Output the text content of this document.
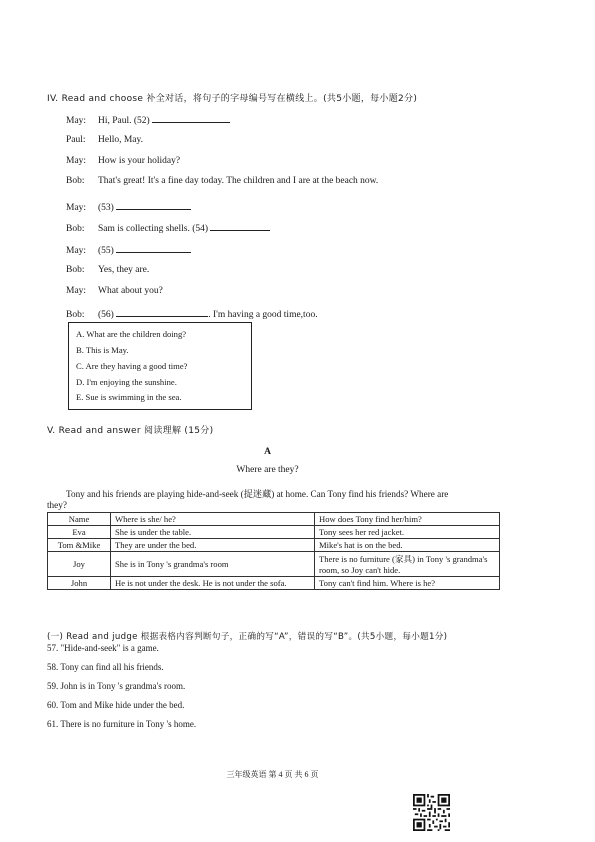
IV. Read and choose 补全对话，将句子的字母编号写在横线上。(共5小题，每小题2分)
May: Hi, Paul. (52)
Paul: Hello, May.
May: How is your holiday?
Bob: That's great! It's a fine day today. The children and I are at the beach now.
May: (53)
Bob: Sam is collecting shells. (54)
May: (55)
Bob: Yes, they are.
May: What about you?
Bob: (56)	. I'm having a good time,too.
A. What are the children doing?
B. This is May.
C. Are they having a good time?
D. I'm enjoying the sunshine.
E. Sue is swimming in the sea.
V. Read and answer 阅读理解 (15分)
A
Where are they?
Tony and his friends are playing hide-and-seek (捉迷藏) at home. Can Tony find his friends? Where are
they?
Name	Where is she/ he?	How does Tony find her/him?
Eva	She is under the table.	Tony sees her red jacket.
Tom &Mike	They are under the bed.	Mike's hat is on the bed.
Joy	She is in Tony 's grandma's room	There is no furniture (家具) in Tony 's grandma's room, so Joy can't hide.
John	He is not under the desk. He is not under the sofa.	Tony can't find him. Where is he?
(一) Read and judge 根据表格内容判断句子，正确的写“A”，错误的写“B”。(共5小题，每小题1分)
57. "Hide-and-seek" is a game.
58. Tony can find all his friends.
59. John is in Tony 's grandma's room.
60. Tom and Mike hide under the bed.
61. There is no furniture in Tony 's home.
三年级英语 第 4 页 共 6 页
